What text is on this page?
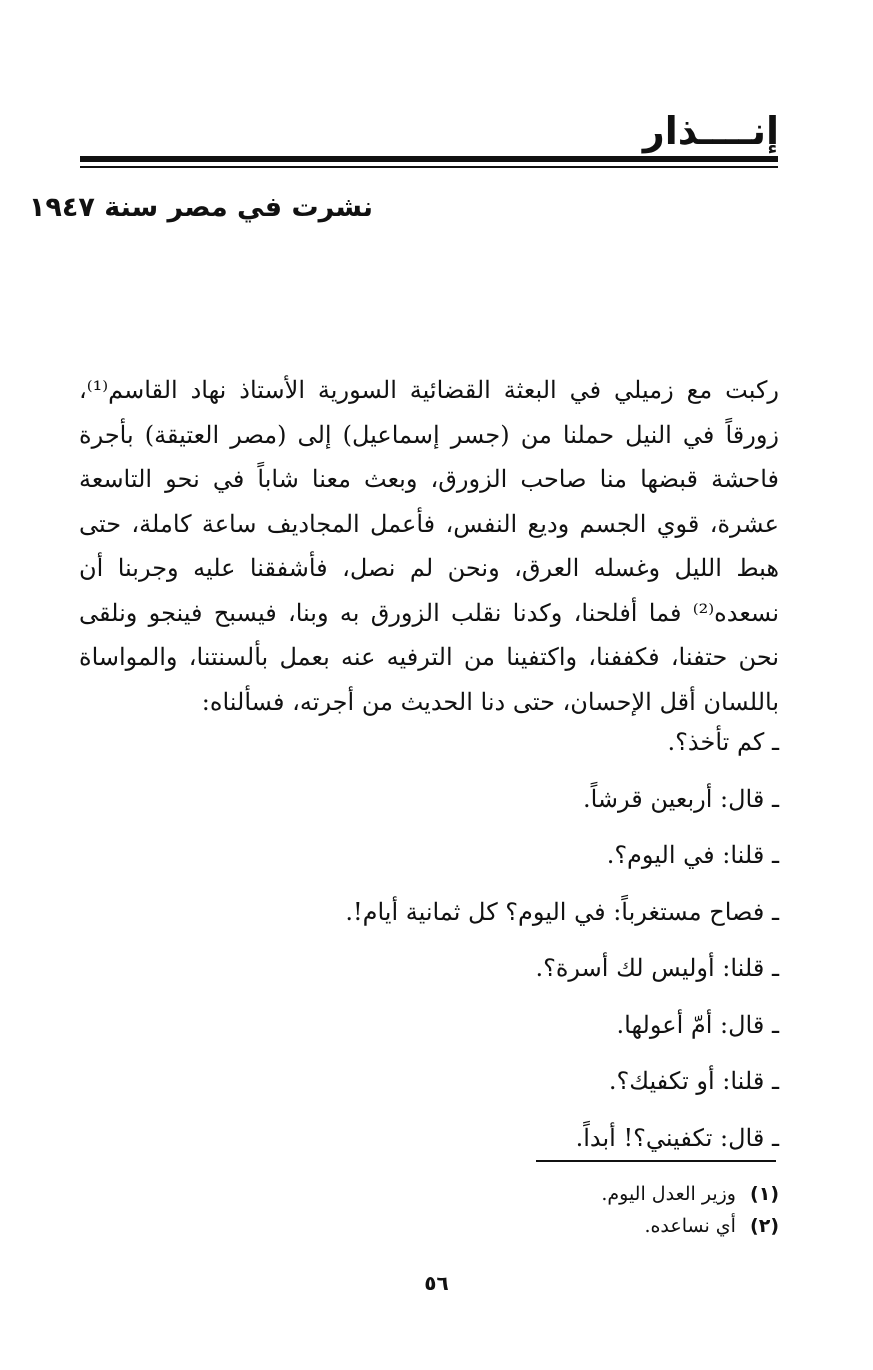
إنــــذار
نشرت في مصر سنة ١٩٤٧

ركبت مع زميلي في البعثة القضائية السورية الأستاذ نهاد القاسم⁽¹⁾، زورقاً في النيل حملنا من (جسر إسماعيل) إلى (مصر العتيقة) بأجرة فاحشة قبضها منا صاحب الزورق، وبعث معنا شاباً في نحو التاسعة عشرة، قوي الجسم وديع النفس، فأعمل المجاديف ساعة كاملة، حتى هبط الليل وغسله العرق، ونحن لم نصل، فأشفقنا عليه وجربنا أن نسعده⁽²⁾ فما أفلحنا، وكدنا نقلب الزورق به وبنا، فيسبح فينجو ونلقى نحن حتفنا، فكففنا، واكتفينا من الترفيه عنه بعمل بألسنتنا، والمواساة باللسان أقل الإحسان، حتى دنا الحديث من أجرته، فسألناه:

ـ كم تأخذ؟.
ـ قال: أربعين قرشاً.
ـ قلنا: في اليوم؟.
ـ فصاح مستغرباً: في اليوم؟ كل ثمانية أيام!.
ـ قلنا: أوليس لك أسرة؟.
ـ قال: أمّ أعولها.
ـ قلنا: أو تكفيك؟.
ـ قال: تكفيني؟! أبداً.
(١) وزير العدل اليوم.
(٢) أي نساعده.
٥٦
